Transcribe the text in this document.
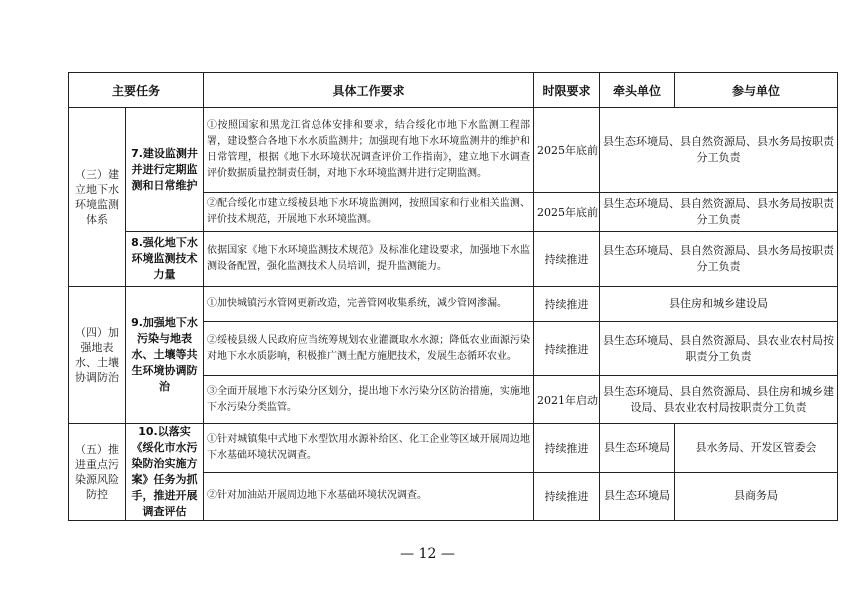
主要任务		具体工作要求	时限要求	牵头单位	参与单位
（三）建立地下水环境监测体系	7.建设监测井并进行定期监测和日常维护	①按照国家和黑龙江省总体安排和要求，结合绥化市地下水监测工程部署，建设整合各地下水水质监测井；加强现有地下水环境监测井的维护和日常管理，根据《地下水环境状况调查评价工作指南》，建立地下水调查评价数据质量控制责任制，对地下水环境监测井进行定期监测。	2025年底前	县生态环境局、县自然资源局、县水务局按职责分工负责	
		②配合绥化市建立绥棱县地下水环境监测网，按照国家和行业相关监测、评价技术规范，开展地下水环境监测。	2025年底前	县生态环境局、县自然资源局、县水务局按职责分工负责	
	8.强化地下水环境监测技术力量	依据国家《地下水环境监测技术规范》及标准化建设要求，加强地下水监测设备配置，强化监测技术人员培训，提升监测能力。	持续推进	县生态环境局、县自然资源局、县水务局按职责分工负责	
（四）加强地表水、土壤协调防治	9.加强地下水污染与地表水、土壤等共生环境协调防治	①加快城镇污水管网更新改造，完善管网收集系统，减少管网渗漏。	持续推进	县住房和城乡建设局	
		②绥棱县级人民政府应当统筹规划农业灌溉取水水源；降低农业面源污染对地下水水质影响，积极推广测土配方施肥技术，发展生态循环农业。	持续推进	县生态环境局、县自然资源局、县农业农村局按职责分工负责	
		③全面开展地下水污染分区划分，提出地下水污染分区防治措施，实施地下水污染分类监管。	2021年启动	县生态环境局、县自然资源局、县住房和城乡建设局、县农业农村局按职责分工负责	
（五）推进重点污染源风险防控	10.以落实《绥化市水污染防治实施方案》任务为抓手，推进开展调查评估	①针对城镇集中式地下水型饮用水源补给区、化工企业等区域开展周边地下水基础环境状况调查。	持续推进	县生态环境局	县水务局、开发区管委会
		②针对加油站开展周边地下水基础环境状况调查。	持续推进	县生态环境局	县商务局
— 12 —
